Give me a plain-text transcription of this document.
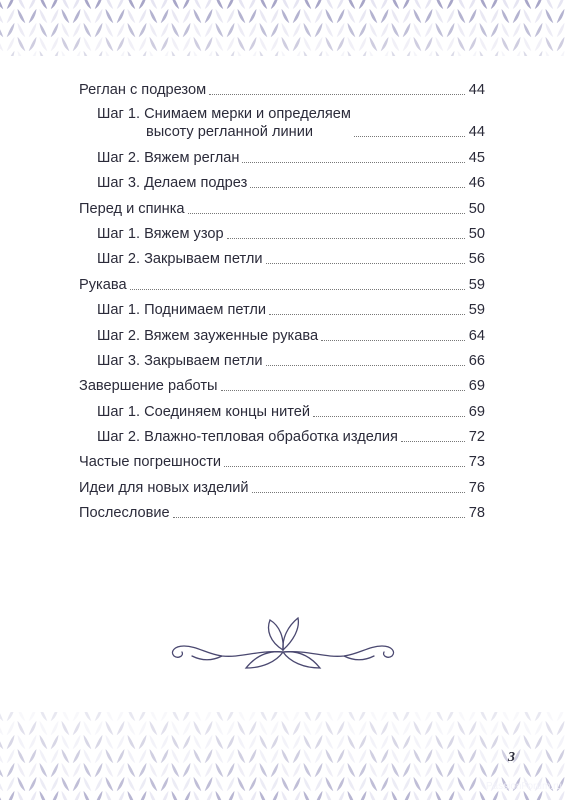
Реглан с подрезом	44
Шаг 1. Снимаем мерки и определяем
высоту регланной линии	44
Шаг 2. Вяжем реглан	45
Шаг 3. Делаем подрез	46
Перед и спинка	50
Шаг 1. Вяжем узор	50
Шаг 2. Закрываем петли	56
Рукава	59
Шаг 1. Поднимаем петли	59
Шаг 2. Вяжем зауженные рукава	64
Шаг 3. Закрываем петли	66
Завершение работы	69
Шаг 1. Соединяем концы нитей	69
Шаг 2. Влажно-тепловая обработка изделия	72
Частые погрешности	73
Идеи для новых изделий	76
Послесловие	78
3
PassionForum.ru
